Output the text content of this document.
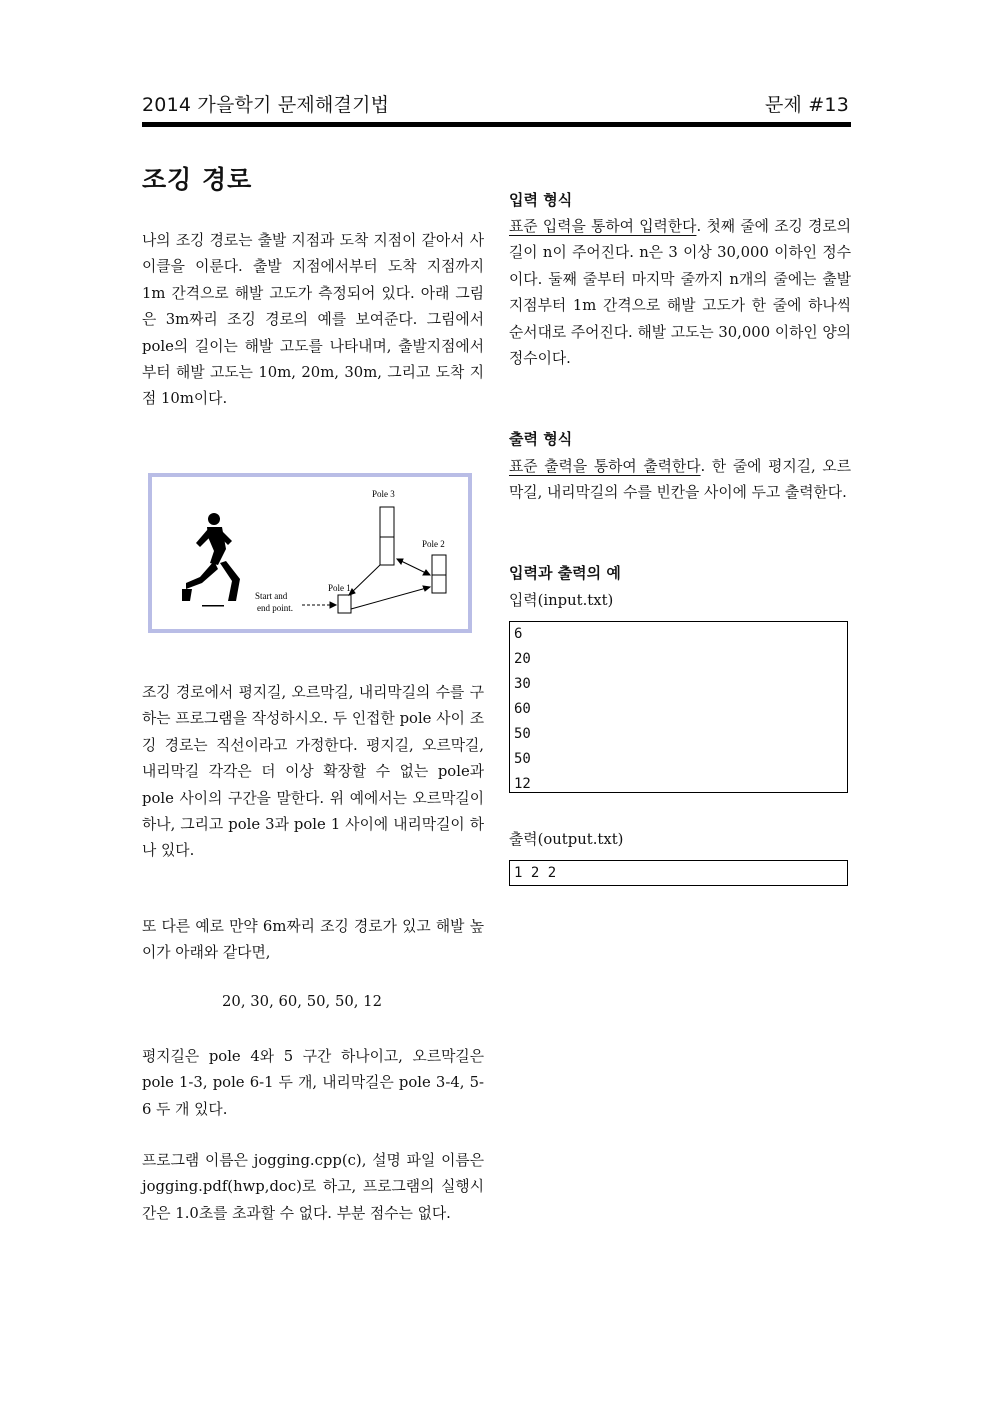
2014 가을학기 문제해결기법	문제 #13
조깅 경로

나의 조깅 경로는 출발 지점과 도착 지점이 같아서 사이클을 이룬다. 출발 지점에서부터 도착 지점까지 1m 간격으로 해발 고도가 측정되어 있다. 아래 그림은 3m짜리 조깅 경로의 예를 보여준다. 그림에서 pole의 길이는 해발 고도를 나타내며, 출발지점에서부터 해발 고도는 10m, 20m, 30m, 그리고 도착 지점 10m이다.

Pole 3
Pole 2
Pole 1
Start and
end point.

조깅 경로에서 평지길, 오르막길, 내리막길의 수를 구하는 프로그램을 작성하시오. 두 인접한 pole 사이 조깅 경로는 직선이라고 가정한다. 평지길, 오르막길, 내리막길 각각은 더 이상 확장할 수 없는 pole과 pole 사이의 구간을 말한다. 위 예에서는 오르막길이 하나, 그리고 pole 3과 pole 1 사이에 내리막길이 하나 있다.

또 다른 예로 만약 6m짜리 조깅 경로가 있고 해발 높이가 아래와 같다면,

20, 30, 60, 50, 50, 12

평지길은 pole 4와 5 구간 하나이고, 오르막길은 pole 1-3, pole 6-1 두 개, 내리막길은 pole 3-4, 5-6 두 개 있다.

프로그램 이름은 jogging.cpp(c), 설명 파일 이름은 jogging.pdf(hwp,doc)로 하고, 프로그램의 실행시간은 1.0초를 초과할 수 없다. 부분 점수는 없다.

입력 형식

표준 입력을 통하여 입력한다. 첫째 줄에 조깅 경로의 길이 n이 주어진다. n은 3 이상 30,000 이하인 정수이다. 둘째 줄부터 마지막 줄까지 n개의 줄에는 출발 지점부터 1m 간격으로 해발 고도가 한 줄에 하나씩 순서대로 주어진다. 해발 고도는 30,000 이하인 양의 정수이다.

출력 형식

표준 출력을 통하여 출력한다. 한 줄에 평지길, 오르막길, 내리막길의 수를 빈칸을 사이에 두고 출력한다.

입력과 출력의 예
입력(input.txt)
6
20
30
60
50
50
12
출력(output.txt)
1 2 2
